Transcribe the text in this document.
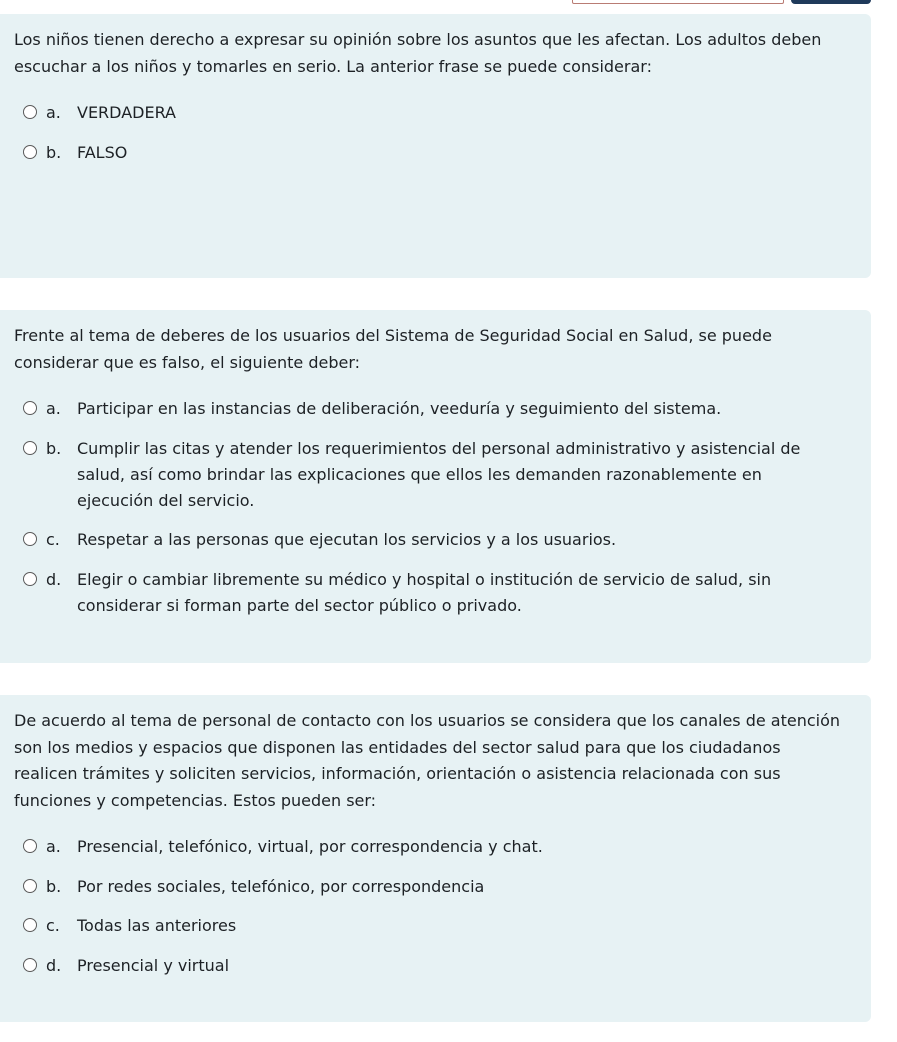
Los niños tienen derecho a expresar su opinión sobre los asuntos que les afectan. Los adultos deben escuchar a los niños y tomarles en serio. La anterior frase se puede considerar:

a.	VERDADERA
b. FALSO

Frente al tema de deberes de los usuarios del Sistema de Seguridad Social en Salud, se puede considerar que es falso, el siguiente deber:

a.	Participar en las instancias de deliberación, veeduría y seguimiento del sistema.
b. Cumplir las citas y atender los requerimientos del personal administrativo y asistencial de salud, así como brindar las explicaciones que ellos les demanden razonablemente en ejecución del servicio.
c.	Respetar a las personas que ejecutan los servicios y a los usuarios.
d. Elegir o cambiar libremente su médico y hospital o institución de servicio de salud, sin considerar si forman parte del sector público o privado.

De acuerdo al tema de personal de contacto con los usuarios se considera que los canales de atención son los medios y espacios que disponen las entidades del sector salud para que los ciudadanos realicen trámites y soliciten servicios, información, orientación o asistencia relacionada con sus funciones y competencias. Estos pueden ser:

a.	Presencial, telefónico, virtual, por correspondencia y chat.
b. Por redes sociales, telefónico, por correspondencia
c.	Todas las anteriores
d. Presencial y virtual
